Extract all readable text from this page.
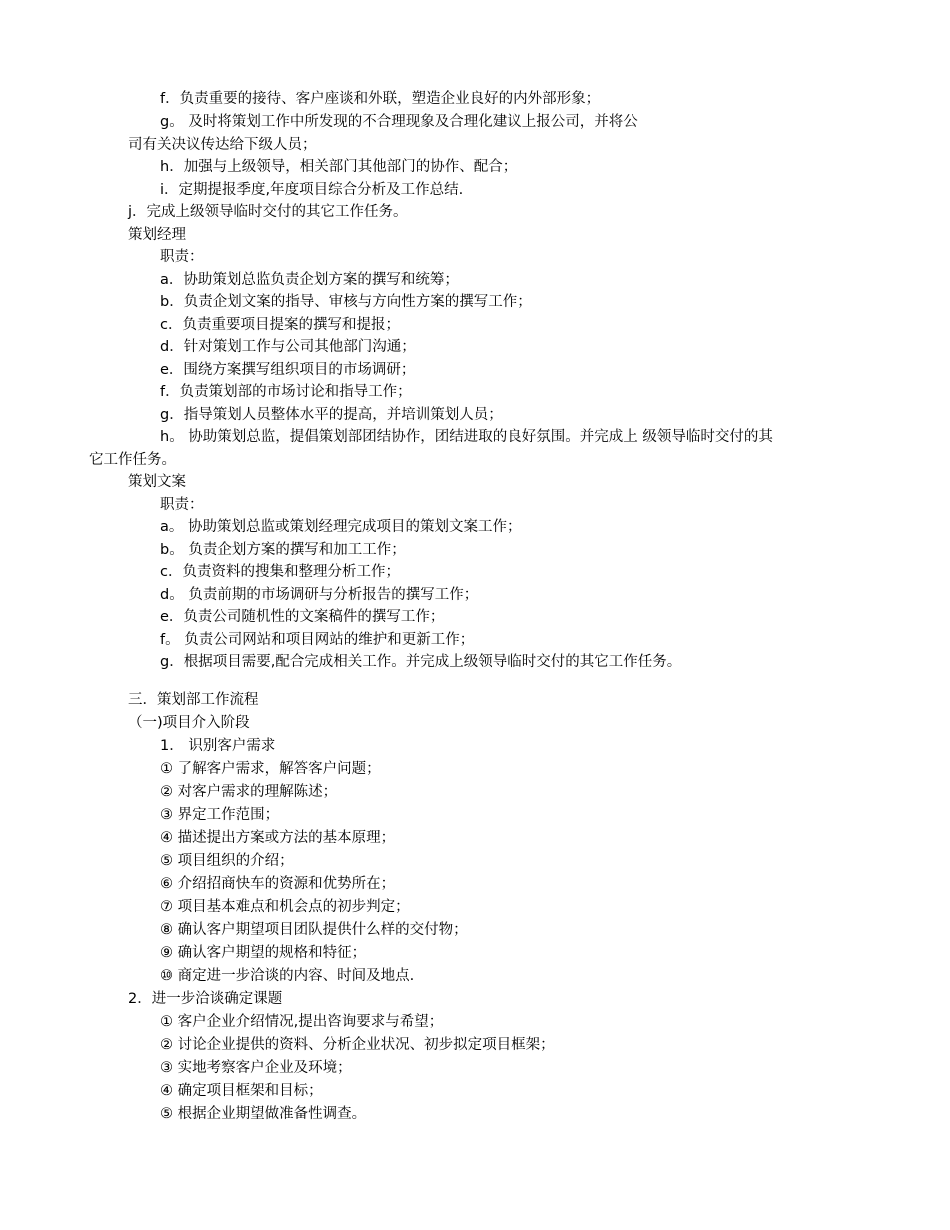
f．负责重要的接待、客户座谈和外联，塑造企业良好的内外部形象；
g。 及时将策划工作中所发现的不合理现象及合理化建议上报公司，并将公
司有关决议传达给下级人员；
h．加强与上级领导，相关部门其他部门的协作、配合；
i．定期提报季度,年度项目综合分析及工作总结.
j．完成上级领导临时交付的其它工作任务。
策划经理
职责：
a．协助策划总监负责企划方案的撰写和统筹；
b．负责企划文案的指导、审核与方向性方案的撰写工作；
c．负责重要项目提案的撰写和提报；
d．针对策划工作与公司其他部门沟通；
e．围绕方案撰写组织项目的市场调研；
f．负责策划部的市场讨论和指导工作；
g．指导策划人员整体水平的提高，并培训策划人员；
h。 协助策划总监，提倡策划部团结协作，团结进取的良好氛围。并完成上 级领导临时交付的其
它工作任务。
策划文案
职责：
a。 协助策划总监或策划经理完成项目的策划文案工作；
b。 负责企划方案的撰写和加工工作；
c．负责资料的搜集和整理分析工作；
d。 负责前期的市场调研与分析报告的撰写工作；
e．负责公司随机性的文案稿件的撰写工作；
f。 负责公司网站和项目网站的维护和更新工作；
g．根据项目需要,配合完成相关工作。并完成上级领导临时交付的其它工作任务。
三．策划部工作流程
（一)项目介入阶段
1． 识别客户需求
① 了解客户需求，解答客户问题；
② 对客户需求的理解陈述；
③ 界定工作范围；
④ 描述提出方案或方法的基本原理；
⑤ 项目组织的介绍；
⑥ 介绍招商快车的资源和优势所在；
⑦ 项目基本难点和机会点的初步判定；
⑧ 确认客户期望项目团队提供什么样的交付物；
⑨ 确认客户期望的规格和特征；
⑩ 商定进一步洽谈的内容、时间及地点.
2．进一步洽谈确定课题
① 客户企业介绍情况,提出咨询要求与希望；
② 讨论企业提供的资料、分析企业状况、初步拟定项目框架；
③ 实地考察客户企业及环境；
④ 确定项目框架和目标；
⑤ 根据企业期望做准备性调查。
